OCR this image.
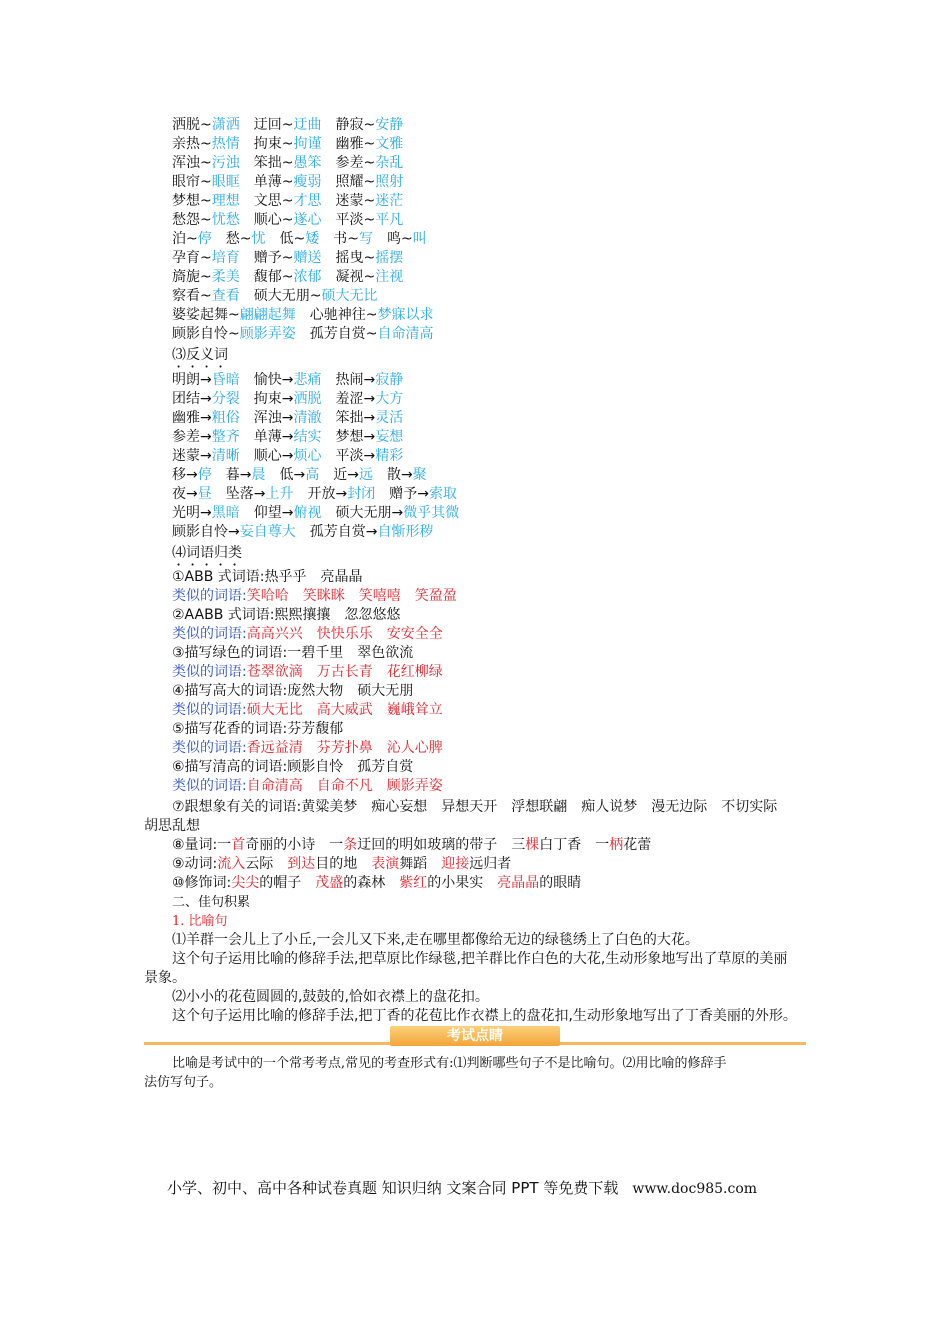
洒脱~潇洒　 迂回~迂曲　 静寂~安静
亲热~热情　 拘束~拘谨　 幽雅~文雅
浑浊~污浊　 笨拙~愚笨　 参差~杂乱
眼帘~眼眶　 单薄~瘦弱　 照耀~照射
梦想~理想　 文思~才思　 迷蒙~迷茫
愁怨~忧愁　 顺心~遂心　 平淡~平凡
泊~停　 愁~忧　 低~矮　 书~写　 鸣~叫
孕育~培育　 赠予~赠送　 摇曳~摇摆
旖旎~柔美　 馥郁~浓郁　 凝视~注视
察看~查看　 硕大无朋~硕大无比
婆娑起舞~翩翩起舞　 心驰神往~梦寐以求
顾影自怜~顾影弄姿　 孤芳自赏~自命清高
⑶反义词
明朗→昏暗　 愉快→悲痛　 热闹→寂静
团结→分裂　 拘束→洒脱　 羞涩→大方
幽雅→粗俗　 浑浊→清澈　 笨拙→灵活
参差→整齐　 单薄→结实　 梦想→妄想
迷蒙→清晰　 顺心→烦心　 平淡→精彩
移→停　 暮→晨　 低→高　 近→远　 散→聚
夜→昼　 坠落→上升　 开放→封闭　 赠予→索取
光明→黑暗　 仰望→俯视　 硕大无朋→微乎其微
顾影自怜→妄自尊大　 孤芳自赏→自惭形秽
⑷词语归类
①ABB 式词语:热乎乎　亮晶晶
类似的词语:笑哈哈　笑眯眯　笑嘻嘻　笑盈盈
②AABB 式词语:熙熙攘攘　忽忽悠悠
类似的词语:高高兴兴　快快乐乐　安安全全
③描写绿色的词语:一碧千里　翠色欲流
类似的词语:苍翠欲滴　万古长青　花红柳绿
④描写高大的词语:庞然大物　硕大无朋
类似的词语:硕大无比　高大威武　巍峨耸立
⑤描写花香的词语:芬芳馥郁
类似的词语:香远益清　芬芳扑鼻　沁人心脾
⑥描写清高的词语:顾影自怜　孤芳自赏
类似的词语:自命清高　自命不凡　顾影弄姿
⑦跟想象有关的词语:黄粱美梦　痴心妄想　异想天开　浮想联翩　痴人说梦　漫无边际　不切实际
胡思乱想
⑧量词:一首奇丽的小诗　一条迂回的明如玻璃的带子　三棵白丁香　一柄花蕾
⑨动词:流入云际　到达目的地　表演舞蹈　迎接远归者
⑩修饰词:尖尖的帽子　茂盛的森林　紫红的小果实　亮晶晶的眼睛
二、佳句积累
1. 比喻句
⑴羊群一会儿上了小丘,一会儿又下来,走在哪里都像给无边的绿毯绣上了白色的大花。
这个句子运用比喻的修辞手法,把草原比作绿毯,把羊群比作白色的大花,生动形象地写出了草原的美丽
景象。
⑵小小的花苞圆圆的,鼓鼓的,恰如衣襟上的盘花扣。
这个句子运用比喻的修辞手法,把丁香的花苞比作衣襟上的盘花扣,生动形象地写出了丁香美丽的外形。
考试点睛
比喻是考试中的一个常考考点,常见的考查形式有:⑴判断哪些句子不是比喻句。⑵用比喻的修辞手
法仿写句子。
小学、初中、高中各种试卷真题 知识归纳 文案合同 PPT 等免费下载 www.doc985.com
